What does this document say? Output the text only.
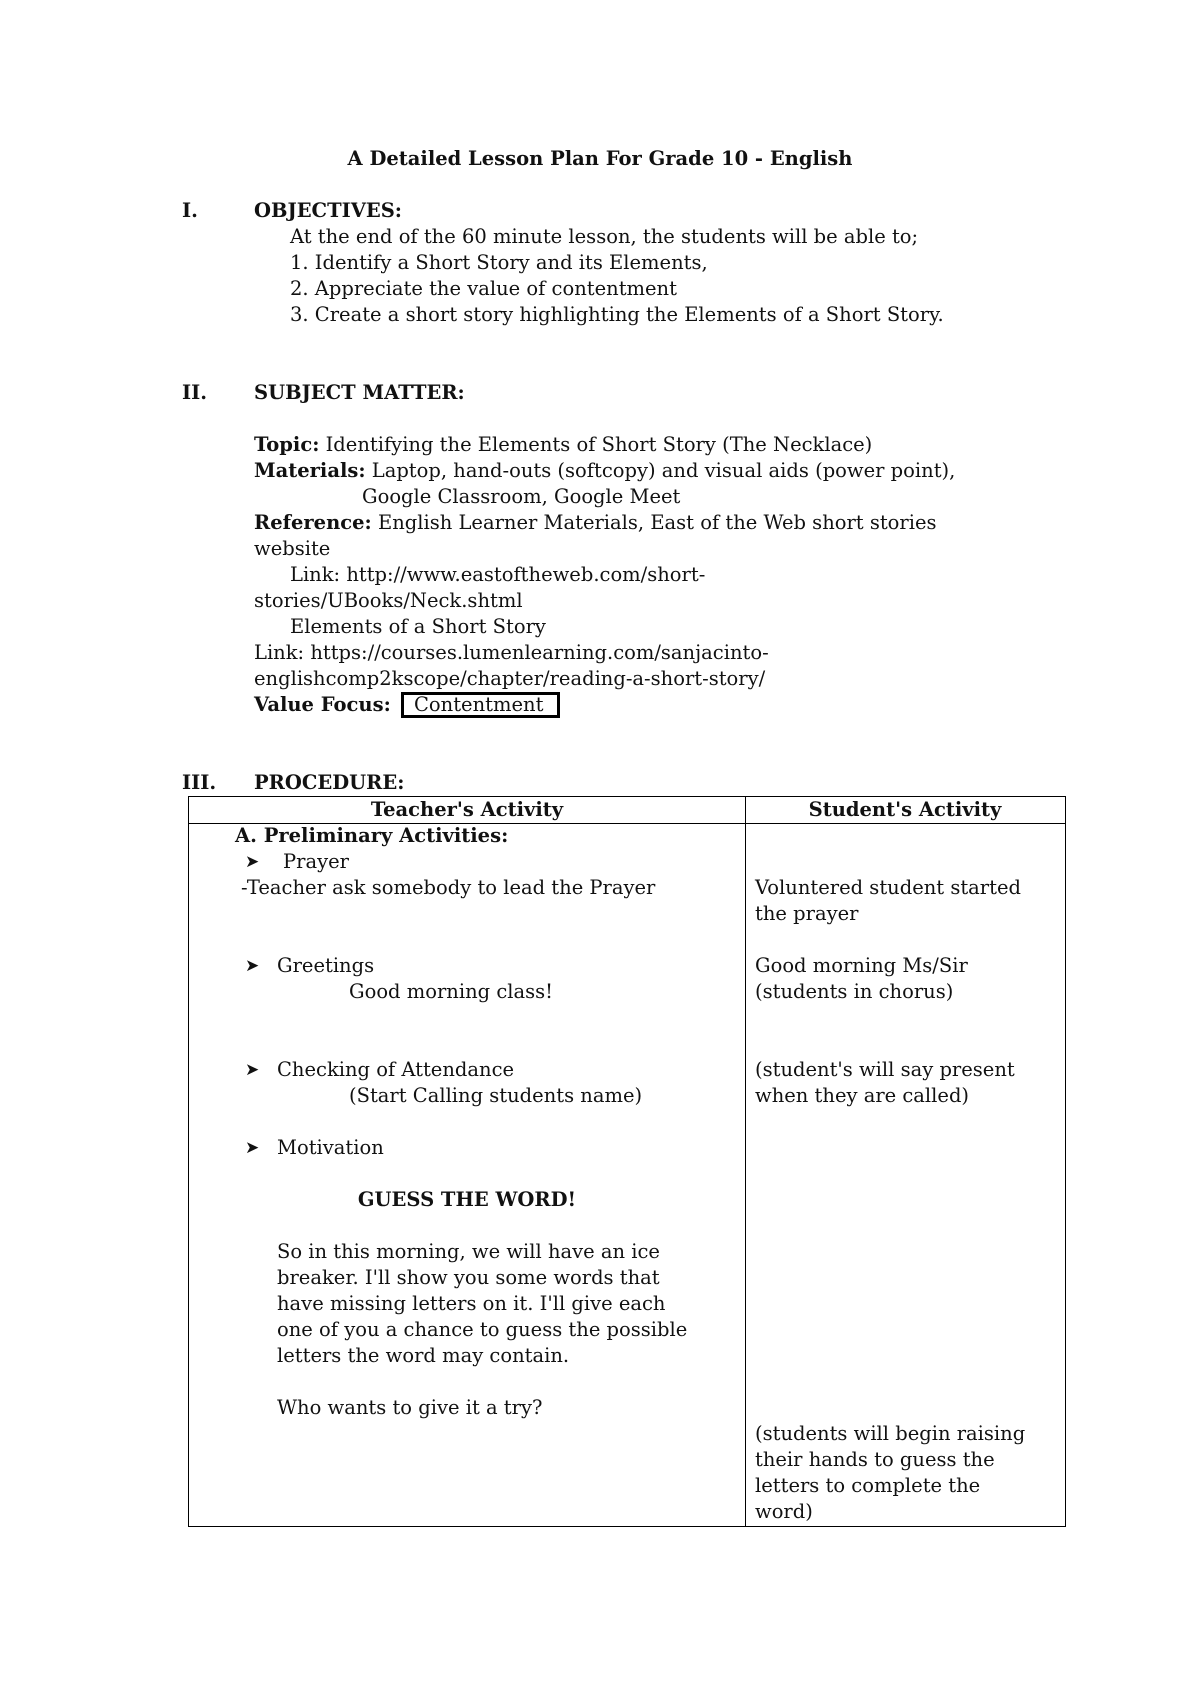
A Detailed Lesson Plan For Grade 10 - English
I.	OBJECTIVES:
At the end of the 60 minute lesson, the students will be able to;
1. Identify a Short Story and its Elements,
2. Appreciate the value of contentment
3. Create a short story highlighting the Elements of a Short Story.
II. SUBJECT MATTER:
Topic: Identifying the Elements of Short Story (The Necklace)
Materials: Laptop, hand-outs (softcopy) and visual aids (power point),
Google Classroom, Google Meet
Reference: English Learner Materials, East of the Web short stories
website
Link: http://www.eastoftheweb.com/short-
stories/UBooks/Neck.shtml
Elements of a Short Story
Link: https://courses.lumenlearning.com/sanjacinto-
englishcomp2kscope/chapter/reading-a-short-story/
Value Focus: Contentment
III. PROCEDURE:
Teacher's Activity	Student's Activity
A. Preliminary Activities:
➤ Prayer
-Teacher ask somebody to lead the Prayer
➤ Greetings
Good morning class!
➤ Checking of Attendance
(Start Calling students name)
➤ Motivation
GUESS THE WORD!
So in this morning, we will have an ice
breaker. I'll show you some words that
have missing letters on it. I'll give each
one of you a chance to guess the possible
letters the word may contain.
Who wants to give it a try?
Voluntered student started
the prayer
Good morning Ms/Sir
(students in chorus)
(student's will say present
when they are called)
(students will begin raising
their hands to guess the
letters to complete the
word)
